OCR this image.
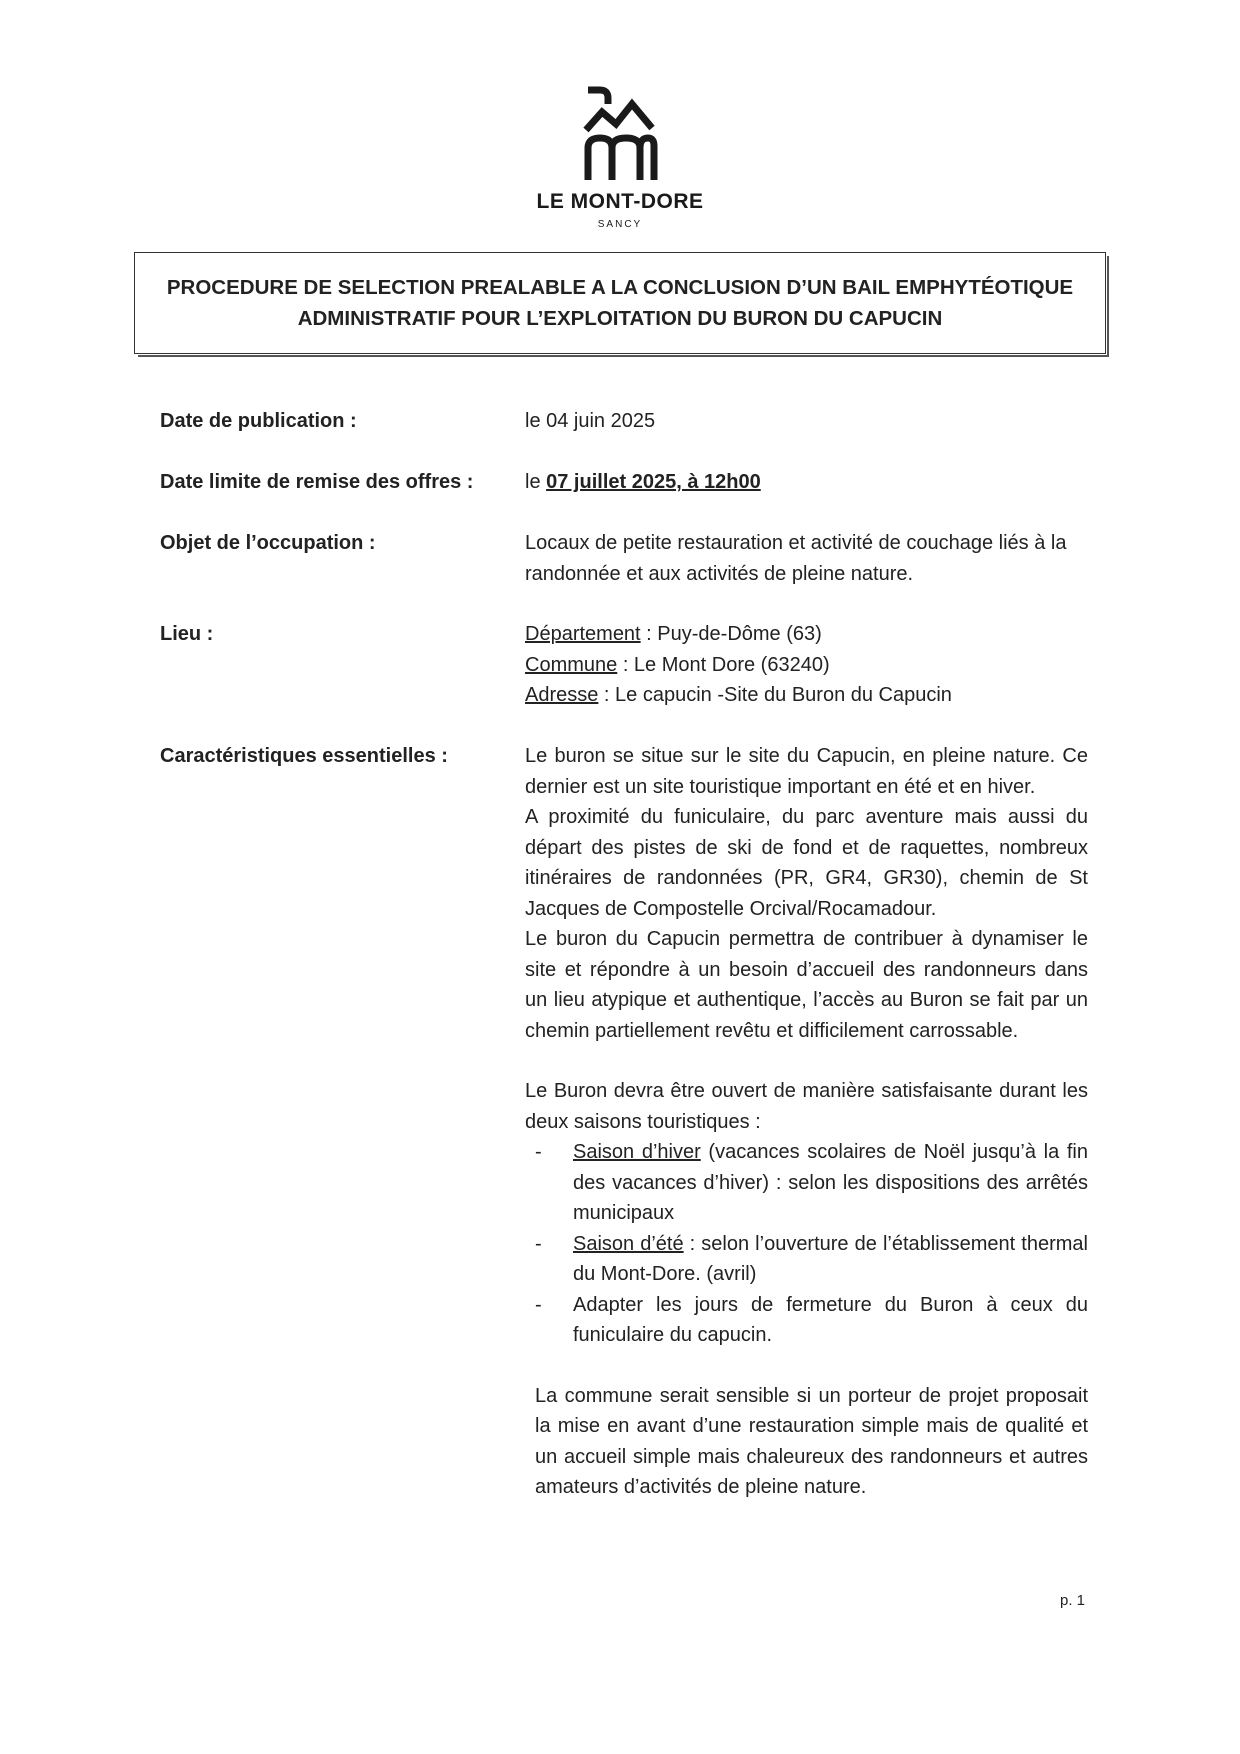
LE MONT-DORE
SANCY
PROCEDURE DE SELECTION PREALABLE A LA CONCLUSION D’UN BAIL EMPHYTÉOTIQUE
ADMINISTRATIF POUR L’EXPLOITATION DU BURON DU CAPUCIN
Date de publication :	le 04 juin 2025
Date limite de remise des offres :	le 07 juillet 2025, à 12h00
Objet de l’occupation :	Locaux de petite restauration et activité de couchage liés à la randonnée et aux activités de pleine nature.
Lieu :	Département : Puy-de-Dôme (63)
Commune : Le Mont Dore (63240)
Adresse : Le capucin -Site du Buron du Capucin
Caractéristiques essentielles :	Le buron se situe sur le site du Capucin, en pleine nature. Ce dernier est un site touristique important en été et en hiver.

A proximité du funiculaire, du parc aventure mais aussi du départ des pistes de ski de fond et de raquettes, nombreux itinéraires de randonnées (PR, GR4, GR30), chemin de St Jacques de Compostelle Orcival/Rocamadour.

Le buron du Capucin permettra de contribuer à dynamiser le site et répondre à un besoin d’accueil des randonneurs dans un lieu atypique et authentique, l’accès au Buron se fait par un chemin partiellement revêtu et difficilement carrossable.

Le Buron devra être ouvert de manière satisfaisante durant les deux saisons touristiques :

- Saison d’hiver (vacances scolaires de Noël jusqu’à la fin des vacances d’hiver) : selon les dispositions des arrêtés municipaux
- Saison d’été : selon l’ouverture de l’établissement thermal du Mont-Dore. (avril)
- Adapter les jours de fermeture du Buron à ceux du funiculaire du capucin.

La commune serait sensible si un porteur de projet proposait la mise en avant d’une restauration simple mais de qualité et un accueil simple mais chaleureux des randonneurs et autres amateurs d’activités de pleine nature.

p. 1
